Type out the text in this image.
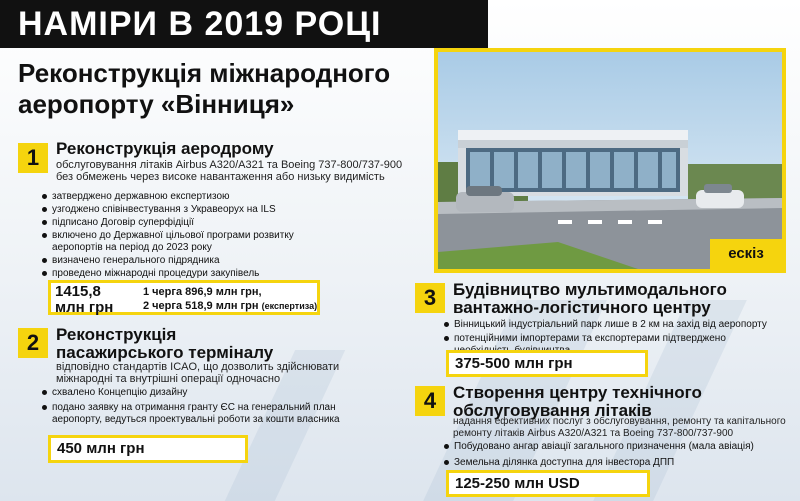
НАМІРИ В 2019 РОЦІ
Реконструкція міжнародного аеропорту «Вінниця»
ескіз
1 Реконструкція аеродрому
обслуговування літаків Airbus A320/A321 та Boeing 737-800/737-900 без обмежень через високе навантаження або низьку видимість
затверджено державною експертизою
узгоджено співінвестування з Укравеорух на ILS
підписано Договір суперфідіції
включено до Державної цільової програми розвитку аеропортів на період до 2023 року
визначено генерального підрядника
проведено міжнародні процедури закупівель
1415,8
млн грн
1 черга 896,9 млн грн,
2 черга 518,9 млн грн (експертиза)
2 Реконструкція пасажирського терміналу
відповідно стандартів ICAO, що дозволить здійснювати міжнародні та внутрішні операції одночасно
схвалено Концепцію дизайну
подано заявку на отримання гранту ЄС на генеральний план аеропорту, ведуться проектувальні роботи за кошти власника
450 млн грн
3 Будівництво мультимодального вантажно-логістичного центру
Вінницький індустріальний парк лише в 2 км на захід від аеропорту
потенційними імпортерами та експортерами підтверджено
375-500 млн грн
4 Створення центру технічного обслуговування літаків
надання ефективних послуг з обслуговування, ремонту та капітального ремонту літаків Airbus A320/A321 та Boeing 737-800/737-900
Побудовано ангар авіації загального призначення (мала авіація)
Земельна ділянка доступна для інвестора ДПП
125-250 млн USD
